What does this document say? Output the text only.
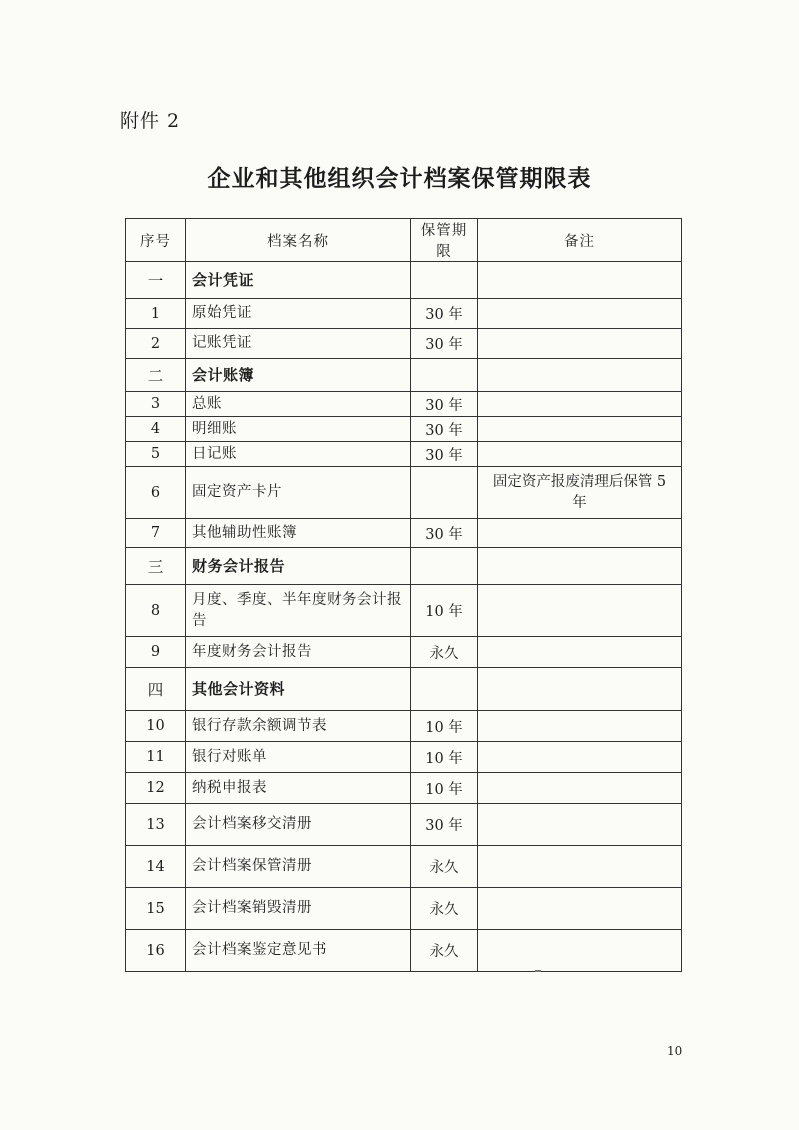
附件 2
企业和其他组织会计档案保管期限表
序号	档案名称	保管期限	备注
一	会计凭证		
1	原始凭证	30 年	
2	记账凭证	30 年	
二	会计账簿		
3	总账	30 年	
4	明细账	30 年	
5	日记账	30 年	
6	固定资产卡片		固定资产报废清理后保管 5 年
7	其他辅助性账簿	30 年	
三	财务会计报告		
8	月度、季度、半年度财务会计报告	10 年	
9	年度财务会计报告	永久	
四	其他会计资料		
10	银行存款余额调节表	10 年	
11	银行对账单	10 年	
12	纳税申报表	10 年	
13	会计档案移交清册	30 年	
14	会计档案保管清册	永久	
15	会计档案销毁清册	永久	
16	会计档案鉴定意见书	永久	
10
